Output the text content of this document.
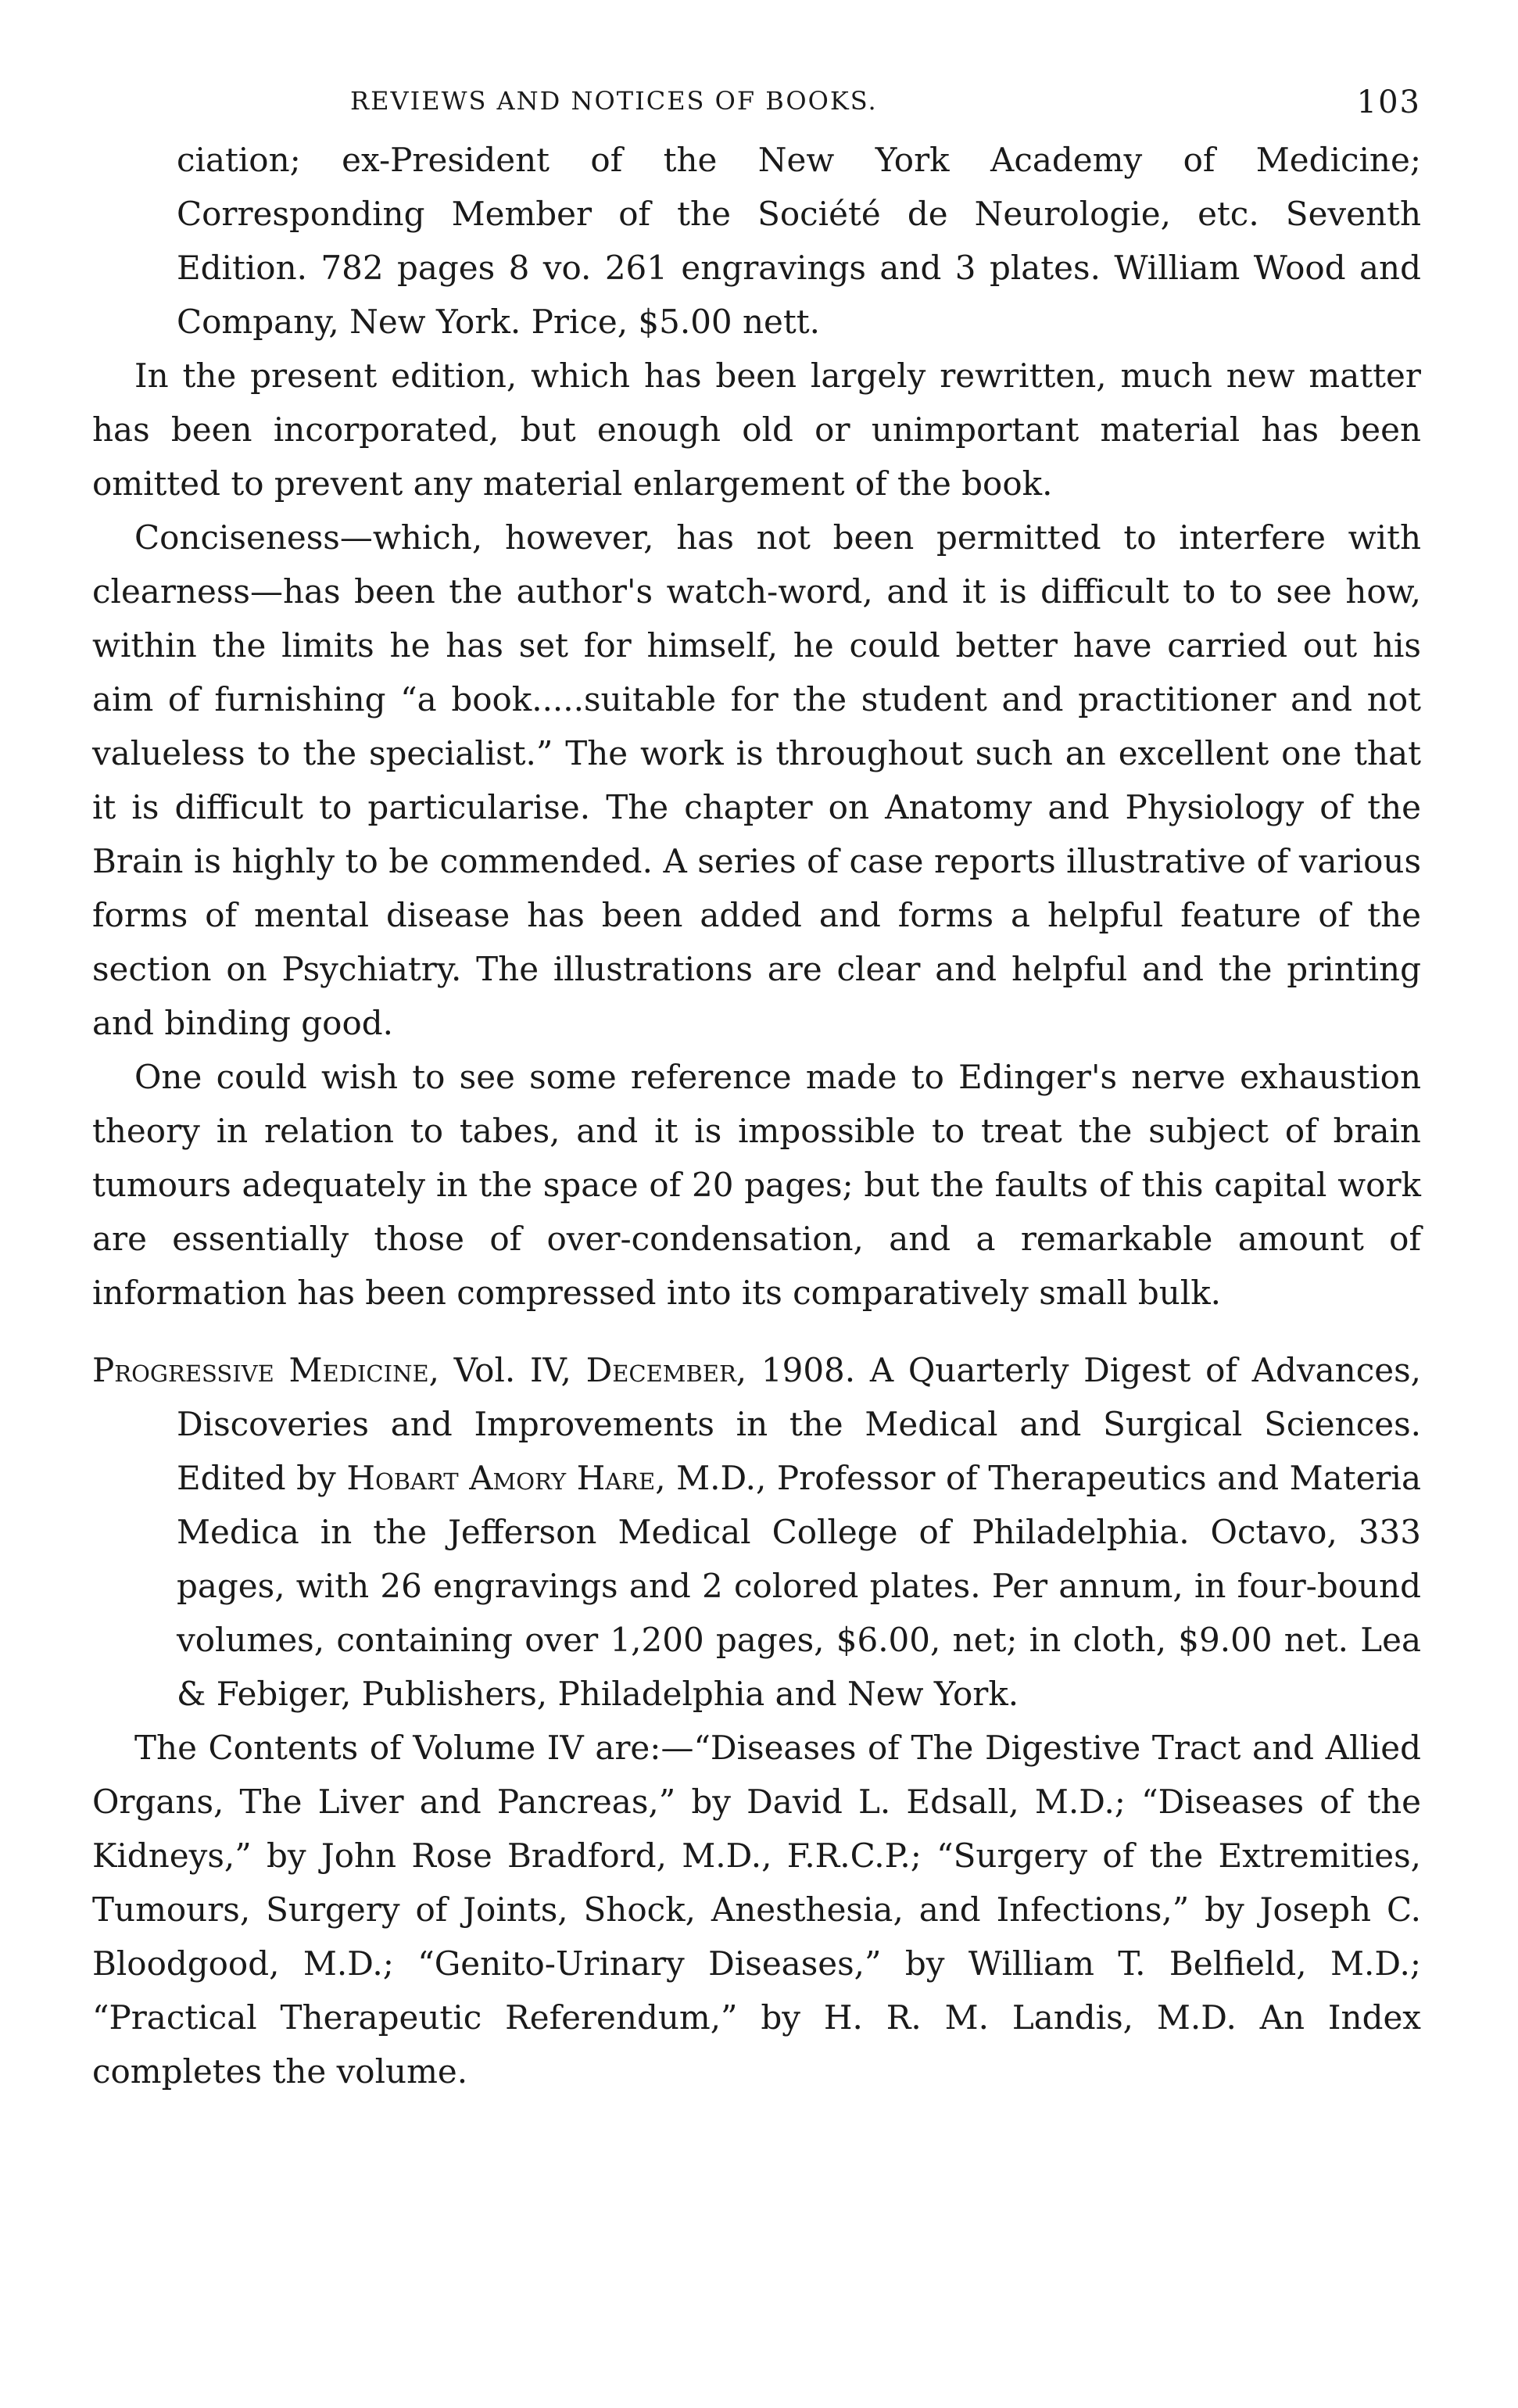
REVIEWS AND NOTICES OF BOOKS.	103

ciation; ex-President of the New York Academy of Medicine; Corresponding Member of the Société de Neurologie, etc. Seventh Edition. 782 pages 8 vo. 261 engravings and 3 plates. William Wood and Company, New York. Price, $5.00 nett.

In the present edition, which has been largely rewritten, much new matter has been incorporated, but enough old or unimportant material has been omitted to prevent any material enlargement of the book.

Conciseness—which, however, has not been permitted to interfere with clearness—has been the author's watch-word, and it is difficult to to see how, within the limits he has set for himself, he could better have carried out his aim of furnishing “a book.....suitable for the student and practitioner and not valueless to the specialist.” The work is throughout such an excellent one that it is difficult to particularise. The chapter on Anatomy and Physiology of the Brain is highly to be commended. A series of case reports illustrative of various forms of mental disease has been added and forms a helpful feature of the section on Psychiatry. The illustrations are clear and helpful and the printing and binding good.

One could wish to see some reference made to Edinger's nerve exhaustion theory in relation to tabes, and it is impossible to treat the subject of brain tumours adequately in the space of 20 pages; but the faults of this capital work are essentially those of over-condensation, and a remarkable amount of information has been compressed into its comparatively small bulk.

Progressive Medicine, Vol. IV, December, 1908. A Quarterly Digest of Advances, Discoveries and Improvements in the Medical and Surgical Sciences. Edited by Hobart Amory Hare, M.D., Professor of Therapeutics and Materia Medica in the Jefferson Medical College of Philadelphia. Octavo, 333 pages, with 26 engravings and 2 colored plates. Per annum, in four-bound volumes, containing over 1,200 pages, $6.00, net; in cloth, $9.00 net. Lea & Febiger, Publishers, Philadelphia and New York.

The Contents of Volume IV are:—“Diseases of The Digestive Tract and Allied Organs, The Liver and Pancreas,” by David L. Edsall, M.D.; “Diseases of the Kidneys,” by John Rose Bradford, M.D., F.R.C.P.; “Surgery of the Extremities, Tumours, Surgery of Joints, Shock, Anesthesia, and Infections,” by Joseph C. Bloodgood, M.D.; “Genito-Urinary Diseases,” by William T. Belfield, M.D.; “Practical Therapeutic Referendum,” by H. R. M. Landis, M.D. An Index completes the volume.
